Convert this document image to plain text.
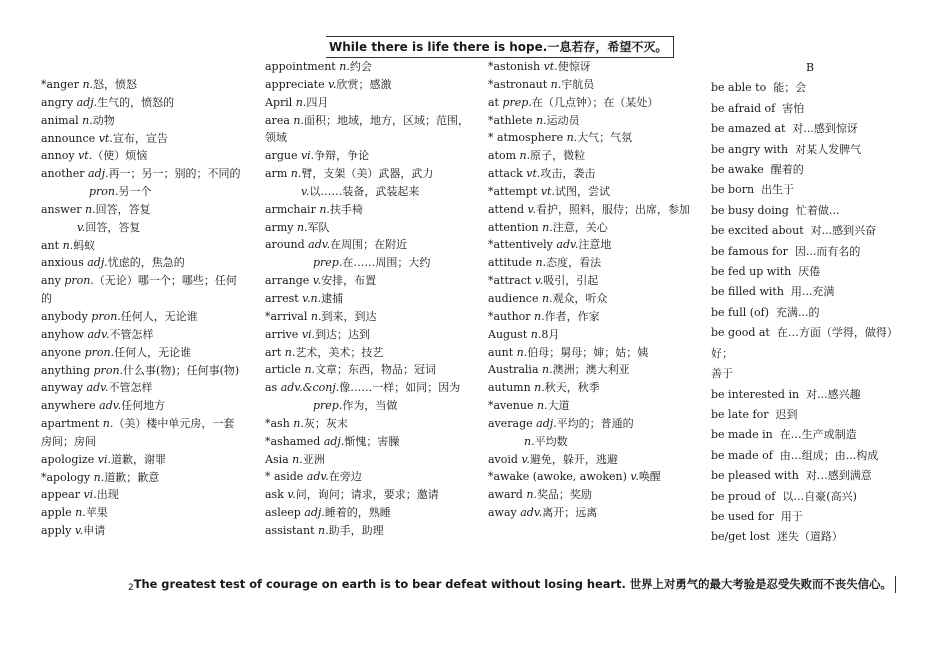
While there is life there is hope.一息若存，希望不灭。
*anger n.怒，愤怒
angry adj.生气的，愤怒的
animal n.动物
announce vt.宣布，宣告
annoy vt.（使）烦恼
another adj.再一；另一；别的；不同的
pron.另一个
answer n.回答，答复
v.回答，答复
ant n.蚂蚁
anxious adj.忧虑的，焦急的
any pron.（无论）哪一个；哪些；任何的
anybody pron.任何人，无论谁
anyhow adv.不管怎样
anyone pron.任何人，无论谁
anything pron.什么事(物)；任何事(物)
anyway adv.不管怎样
anywhere adv.任何地方
apartment n.（美）楼中单元房，一套房间；房间
apologize vi.道歉，谢罪
*apology n.道歉；歉意
appear vi.出现
apple n.苹果
apply v.申请
appointment n.约会
appreciate v.欣赏；感激
April n.四月
area n.面积；地域，地方，区域；范围，领域
argue vi.争辩，争论
arm n.臂，支架（美）武器，武力
v.以……装备，武装起来
armchair n.扶手椅
army n.军队
around adv.在周围；在附近
prep.在……周围；大约
arrange v.安排，布置
arrest v.n.逮捕
*arrival n.到来，到达
arrive vi.到达；达到
art n.艺术，美术；技艺
article n.文章；东西，物品；冠词
as adv.&conj.像……一样；如同；因为
prep.作为，当做
*ash n.灰；灰末
*ashamed adj.惭愧；害臊
Asia n.亚洲
* aside adv.在旁边
ask v.问，询问；请求，要求；邀请
asleep adj.睡着的，熟睡
assistant n.助手，助理
*astonish vt.使惊讶
*astronaut n.宇航员
at prep.在（几点钟）；在（某处）
*athlete n.运动员
* atmosphere n.大气；气氛
atom n.原子，微粒
attack vt.攻击，袭击
*attempt vt.试图，尝试
attend v.看护，照料，服侍；出席，参加
attention n.注意，关心
*attentively adv.注意地
attitude n.态度，看法
*attract v.吸引，引起
audience n.观众，听众
*author n.作者，作家
August n.8月
aunt n.伯母；舅母；婶；姑；姨
Australia n.澳洲；澳大利亚
autumn n.秋天，秋季
*avenue n.大道
average adj.平均的；普通的
n.平均数
avoid v.避免，躲开，逃避
*awake (awoke, awoken) v.唤醒
award n.奖品；奖励
away adv.离开；远离
B
be able to 能；会
be afraid of 害怕
be amazed at 对...感到惊讶
be angry with 对某人发脾气
be awake 醒着的
be born 出生于
be busy doing 忙着做...
be excited about 对...感到兴奋
be famous for 因...而有名的
be fed up with 厌倦
be filled with 用...充满
be full (of) 充满...的
be good at 在…方面（学得，做得）好；
善于
be interested in 对...感兴趣
be late for 迟到
be made in 在…生产或制造
be made of 由…组成；由...构成
be pleased with 对…感到满意
be proud of 以…自豪(高兴)
be used for 用于
be/get lost 迷失（道路）
2The greatest test of courage on earth is to bear defeat without losing heart. 世界上对勇气的最大考验是忍受失败而不丧失信心。
